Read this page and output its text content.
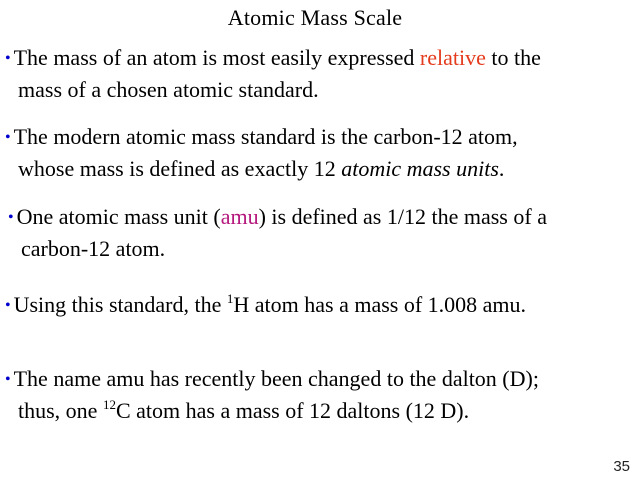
Atomic Mass Scale
• The mass of an atom is most easily expressed relative to the
mass of a chosen atomic standard.
• The modern atomic mass standard is the carbon-12 atom,
whose mass is defined as exactly 12 atomic mass units.
• One atomic mass unit (amu) is defined as 1/12 the mass of a
carbon-12 atom.
• Using this standard, the $^1$H atom has a mass of 1.008 amu.
• The name amu has recently been changed to the dalton (D);
thus, one $^{12}$C atom has a mass of 12 daltons (12 D).
35
